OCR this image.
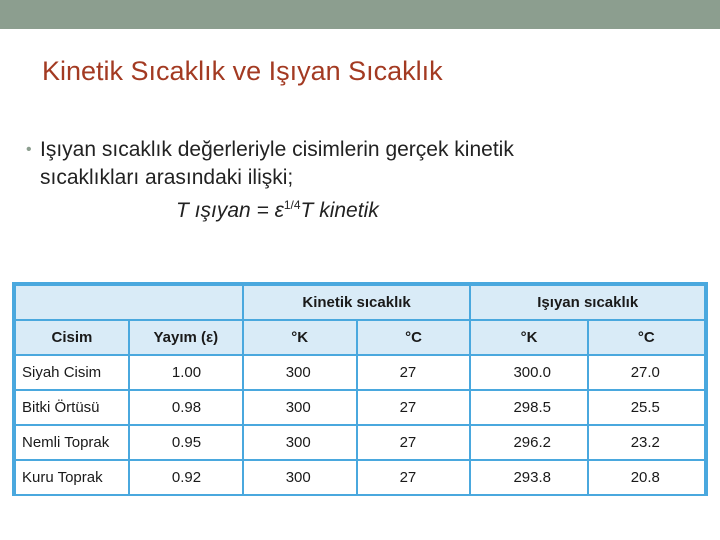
Kinetik Sıcaklık ve Işıyan Sıcaklık
• Işıyan sıcaklık değerleriyle cisimlerin gerçek kinetik
sıcaklıkları arasındaki ilişki;
T ışıyan = $\varepsilon^{1/4}T$ kinetik
		Kinetik sıcaklık		Işıyan sıcaklık	
Cisim	Yayım (ε)	°K	°C	°K	°C
Siyah Cisim	1.00	300	27	300.0	27.0
Bitki Örtüsü	0.98	300	27	298.5	25.5
Nemli Toprak	0.95	300	27	296.2	23.2
Kuru Toprak	0.92	300	27	293.8	20.8
